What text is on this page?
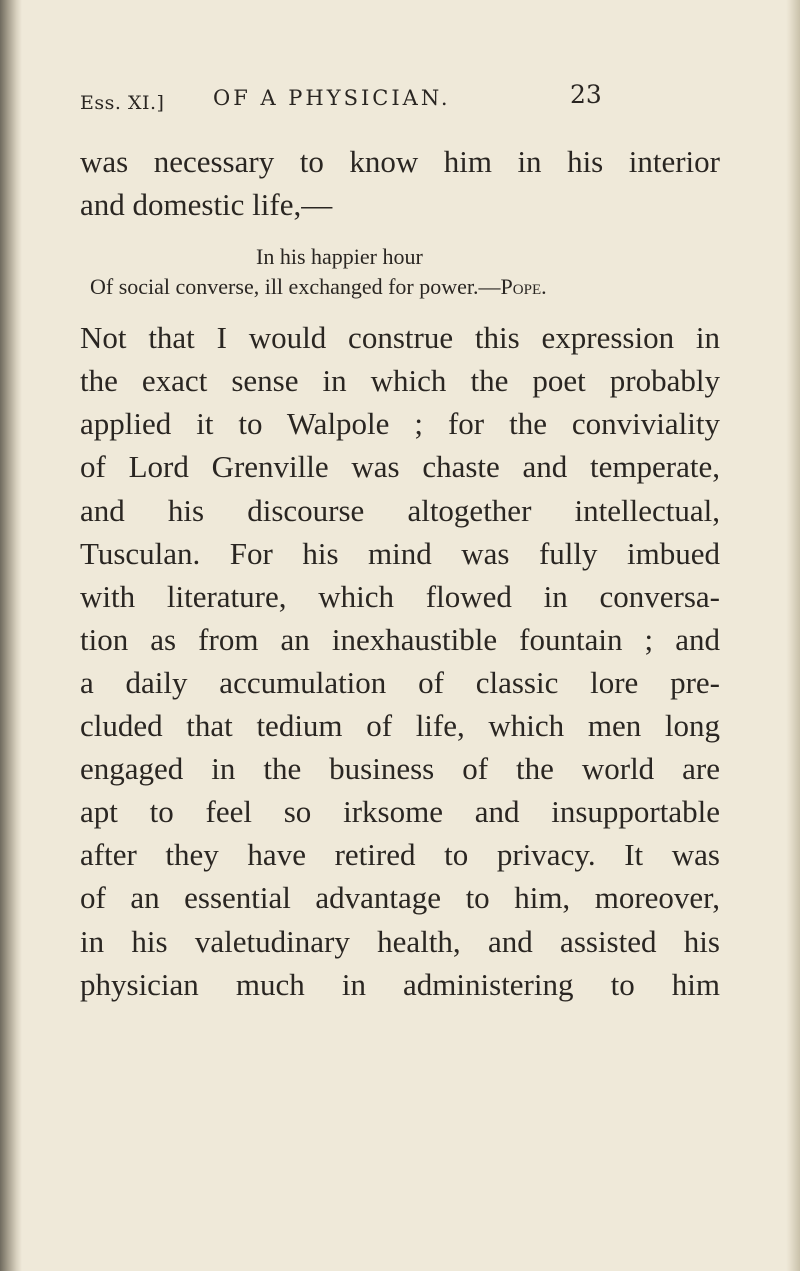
Ess. XI.] OF A PHYSICIAN.	23
was necessary to know him in his interior
and domestic life,—
In his happier hour
Of social converse, ill exchanged for power.—Pope.
Not that I would construe this expression in
the exact sense in which the poet probably
applied it to Walpole ; for the conviviality
of Lord Grenville was chaste and temperate,
and his discourse altogether intellectual,
Tusculan. For his mind was fully imbued
with literature, which flowed in conversa-
tion as from an inexhaustible fountain ; and
a daily accumulation of classic lore pre-
cluded that tedium of life, which men long
engaged in the business of the world are
apt to feel so irksome and insupportable
after they have retired to privacy. It was
of an essential advantage to him, moreover,
in his valetudinary health, and assisted his
physician much in administering to him
